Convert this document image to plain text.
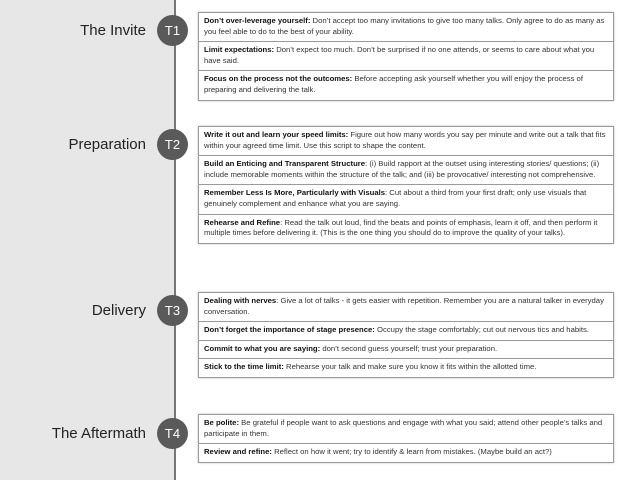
The Invite	T1
Don’t over-leverage yourself: Don’t accept too many invitations to give too many talks. Only agree to do as many as you feel able to do to the best of your ability.
Limit expectations: Don’t expect too much. Don’t be surprised if no one attends, or seems to care about what you have said.
Focus on the process not the outcomes: Before accepting ask yourself whether you will enjoy the process of preparing and delivering the talk.
Preparation	T2
Write it out and learn your speed limits: Figure out how many words you say per minute and write out a talk that fits within your agreed time limit. Use this script to shape the content.
Build an Enticing and Transparent Structure: (i) Build rapport at the outset using interesting stories/ questions; (ii) include memorable moments within the structure of the talk; and (iii) be provocative/ interesting not comprehensive.
Remember Less Is More, Particularly with Visuals: Cut about a third from your first draft; only use visuals that genuinely complement and enhance what you are saying.
Rehearse and Refine: Read the talk out loud, find the beats and points of emphasis, learn it off, and then perform it multiple times before delivering it. (This is the one thing you should do to improve the quality of your talks).
Delivery	T3
Dealing with nerves: Give a lot of talks - it gets easier with repetition. Remember you are a natural talker in everyday conversation.
Don’t forget the importance of stage presence: Occupy the stage comfortably; cut out nervous tics and habits.
Commit to what you are saying: don’t second guess yourself; trust your preparation.
Stick to the time limit: Rehearse your talk and make sure you know it fits within the allotted time.
The Aftermath	T4
Be polite: Be grateful if people want to ask questions and engage with what you said; attend other people’s talks and participate in them.
Review and refine: Reflect on how it went; try to identify & learn from mistakes. (Maybe build an act?)
